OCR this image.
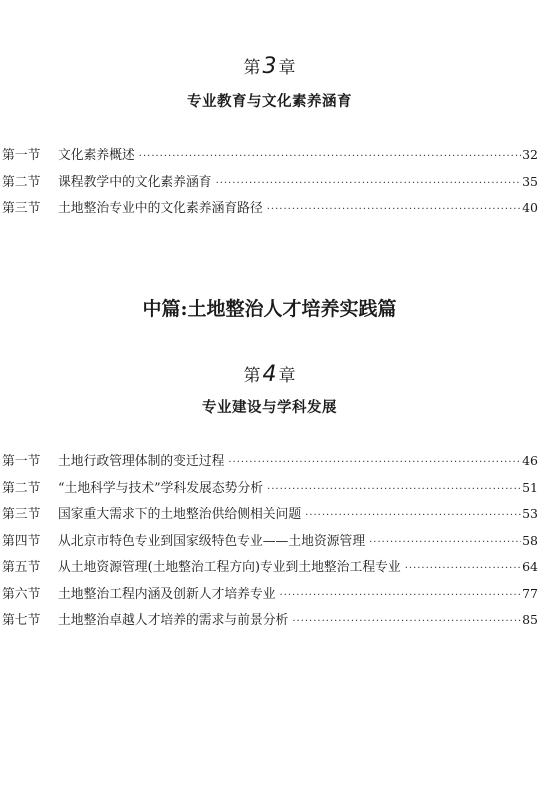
第3 章
专业教育与文化素养涵育
第一节	文化素养概述 ·····	32
第二节	课程教学中的文化素养涵育 ·····	35
第三节	土地整治专业中的文化素养涵育路径 ·····	40
中篇:土地整治人才培养实践篇
第4 章
专业建设与学科发展
第一节	土地行政管理体制的变迁过程 ·····	46
第二节	“土地科学与技术”学科发展态势分析 ·····	51
第三节	国家重大需求下的土地整治供给侧相关问题 ·····	53
第四节	从北京市特色专业到国家级特色专业——土地资源管理 ·····	58
第五节	从土地资源管理(土地整治工程方向)专业到土地整治工程专业 ·····	64
第六节	土地整治工程内涵及创新人才培养专业 ·····	77
第七节	土地整治卓越人才培养的需求与前景分析 ·····	85
